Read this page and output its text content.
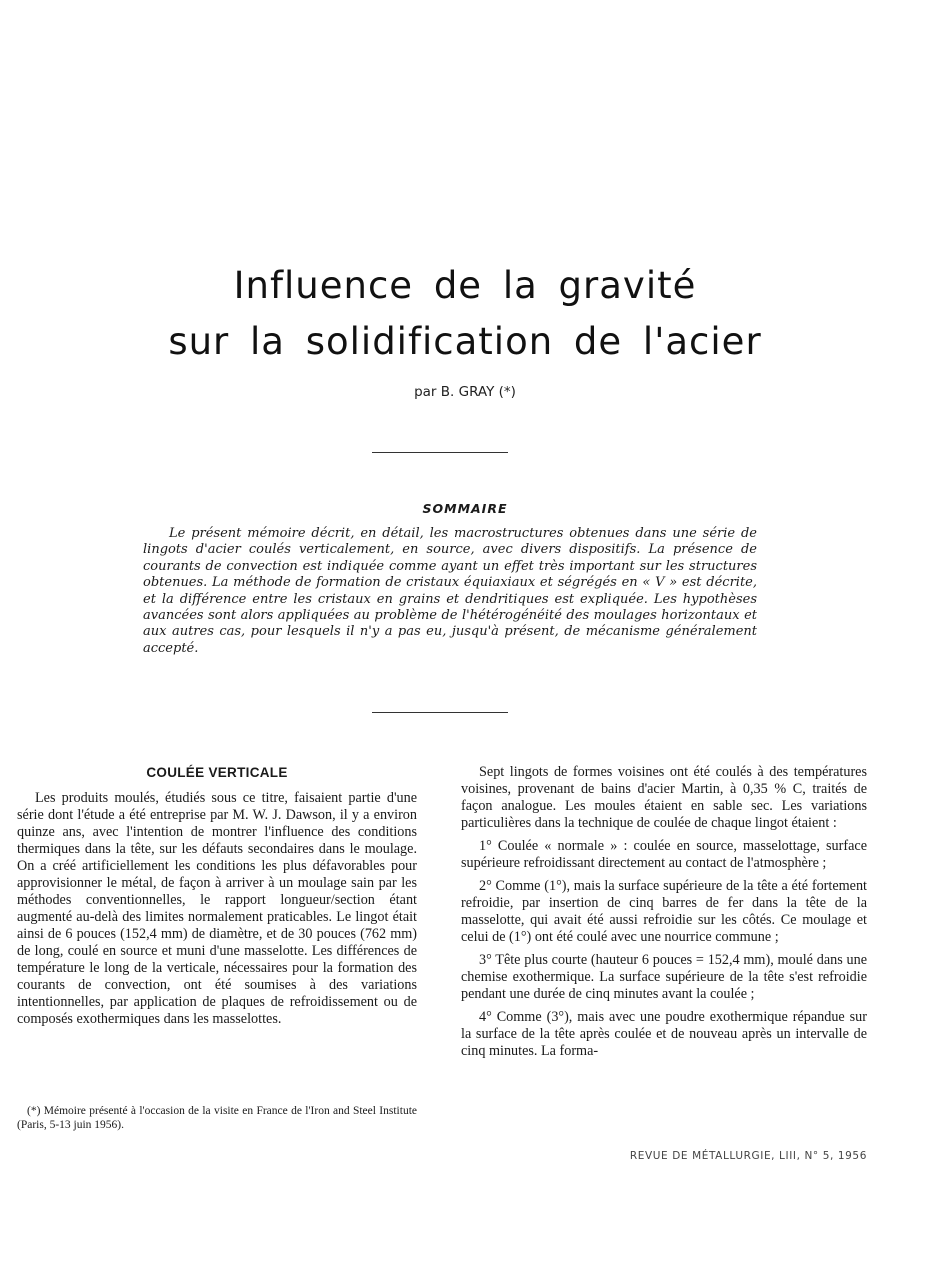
Influence de la gravité
sur la solidification de l'acier
par B. GRAY (*)
SOMMAIRE

Le présent mémoire décrit, en détail, les macrostructures obtenues dans une série de lingots d'acier coulés verticalement, en source, avec divers dispositifs. La présence de courants de convection est indiquée comme ayant un effet très important sur les structures obtenues. La méthode de formation de cristaux équiaxiaux et ségrégés en « V » est décrite, et la différence entre les cristaux en grains et dendritiques est expliquée. Les hypothèses avancées sont alors appliquées au problème de l'hétérogénéité des moulages horizontaux et aux autres cas, pour lesquels il n'y a pas eu, jusqu'à présent, de mécanisme généralement accepté.

COULÉE VERTICALE

Les produits moulés, étudiés sous ce titre, faisaient partie d'une série dont l'étude a été entreprise par M. W. J. Dawson, il y a environ quinze ans, avec l'intention de montrer l'influence des conditions thermiques dans la tête, sur les défauts secondaires dans le moulage. On a créé artificiellement les conditions les plus défavorables pour approvisionner le métal, de façon à arriver à un moulage sain par les méthodes conventionnelles, le rapport longueur/section étant augmenté au-delà des limites normalement praticables. Le lingot était ainsi de 6 pouces (152,4 mm) de diamètre, et de 30 pouces (762 mm) de long, coulé en source et muni d'une masselotte. Les différences de température le long de la verticale, nécessaires pour la formation des courants de convection, ont été soumises à des variations intentionnelles, par application de plaques de refroidissement ou de composés exothermiques dans les masselottes.

(*) Mémoire présenté à l'occasion de la visite en France de l'Iron and Steel Institute (Paris, 5-13 juin 1956).

Sept lingots de formes voisines ont été coulés à des températures voisines, provenant de bains d'acier Martin, à 0,35 % C, traités de façon analogue. Les moules étaient en sable sec. Les variations particulières dans la technique de coulée de chaque lingot étaient :

1° Coulée « normale » : coulée en source, masselottage, surface supérieure refroidissant directement au contact de l'atmosphère ;

2° Comme (1°), mais la surface supérieure de la tête a été fortement refroidie, par insertion de cinq barres de fer dans la tête de la masselotte, qui avait été aussi refroidie sur les côtés. Ce moulage et celui de (1°) ont été coulé avec une nourrice commune ;

3° Tête plus courte (hauteur 6 pouces = 152,4 mm), moulé dans une chemise exothermique. La surface supérieure de la tête s'est refroidie pendant une durée de cinq minutes avant la coulée ;

4° Comme (3°), mais avec une poudre exothermique répandue sur la surface de la tête après coulée et de nouveau après un intervalle de cinq minutes. La forma-

REVUE DE MÉTALLURGIE, LIII, N° 5, 1956
